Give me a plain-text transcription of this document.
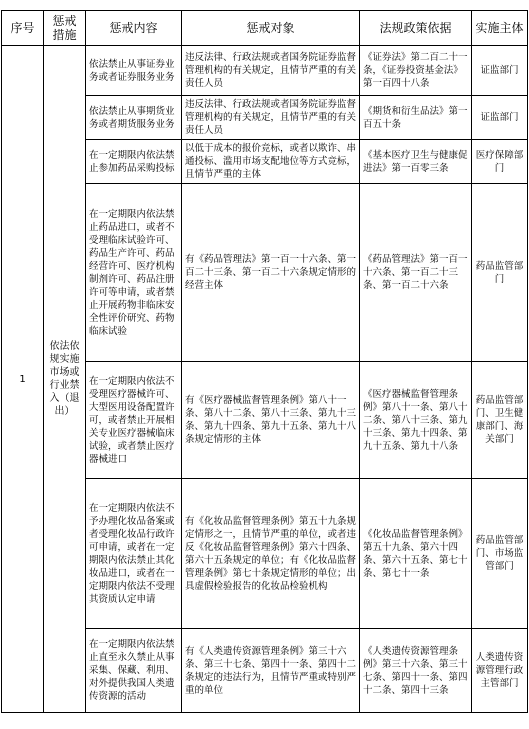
序号	惩戒措施	惩戒内容	惩戒对象	法规政策依据	实施主体
1	依法依规实施市场或行业禁入（退出）	依法禁止从事证券业务或者证券服务业务	违反法律、行政法规或者国务院证券监督管理机构的有关规定，且情节严重的有关责任人员	《证券法》第二百二十一条，《证券投资基金法》第一百四十八条	证监部门
		依法禁止从事期货业务或者期货服务业务	违反法律、行政法规或者国务院证券监督管理机构的有关规定，且情节严重的有关责任人员	《期货和衍生品法》第一百五十条	证监部门
		在一定期限内依法禁止参加药品采购投标	以低于成本的报价竞标，或者以欺诈、串通投标、滥用市场支配地位等方式竞标，且情节严重的主体	《基本医疗卫生与健康促进法》第一百零三条	医疗保障部门
		在一定期限内依法禁止药品进口，或者不受理临床试验许可、药品生产许可、药品经营许可、医疗机构制剂许可、药品注册许可等申请，或者禁止开展药物非临床安全性评价研究、药物临床试验	有《药品管理法》第一百一十六条、第一百二十三条、第一百二十六条规定情形的经营主体	《药品管理法》第一百一十六条、第一百二十三条、第一百二十六条	药品监管部门
		在一定期限内依法不受理医疗器械许可、大型医用设备配置许可，或者禁止开展相关专业医疗器械临床试验，或者禁止医疗器械进口	有《医疗器械监督管理条例》第八十一条、第八十二条、第八十三条、第九十三条、第九十四条、第九十五条、第九十八条规定情形的主体	《医疗器械监督管理条例》第八十一条、第八十二条、第八十三条、第九十三条、第九十四条、第九十五条、第九十八条	药品监管部门、卫生健康部门、海关部门
		在一定期限内依法不予办理化妆品备案或者受理化妆品行政许可申请，或者在一定期限内依法禁止其化妆品进口，或者在一定期限内依法不受理其资质认定申请	有《化妆品监督管理条例》第五十九条规定情形之一，且情节严重的单位，或者违反《化妆品监督管理条例》第六十四条、第六十五条规定的单位；有《化妆品监督管理条例》第七十条规定情形的单位；出具虚假检验报告的化妆品检验机构	《化妆品监督管理条例》第五十九条、第六十四条、第六十五条、第七十条、第七十一条	药品监管部门、市场监管部门
		在一定期限内依法禁止直至永久禁止从事采集、保藏、利用、对外提供我国人类遗传资源的活动	有《人类遗传资源管理条例》第三十六条、第三十七条、第四十一条、第四十二条规定的违法行为，且情节严重或特别严重的单位	《人类遗传资源管理条例》第三十六条、第三十七条、第四十一条、第四十二条、第四十三条	人类遗传资源管理行政主管部门
